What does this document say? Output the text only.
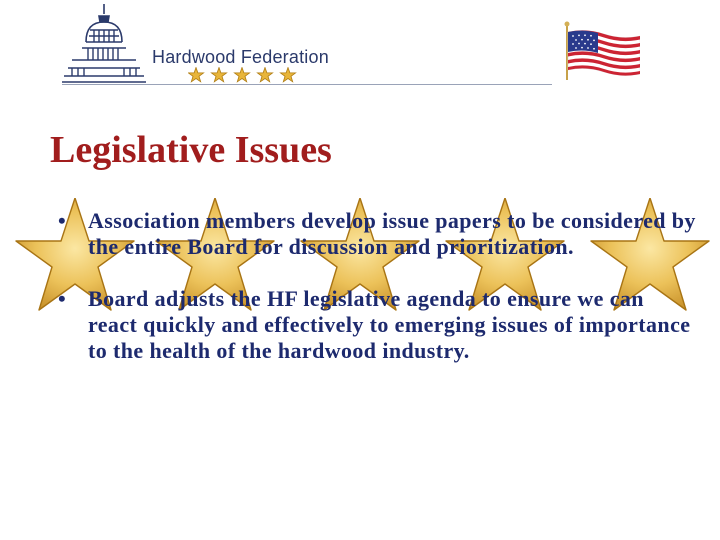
Hardwood Federation
Legislative Issues
• Association members develop issue papers to be considered by the entire Board for discussion and prioritization.
• Board adjusts the HF legislative agenda to ensure we can react quickly and effectively to emerging issues of importance to the health of the hardwood industry.
